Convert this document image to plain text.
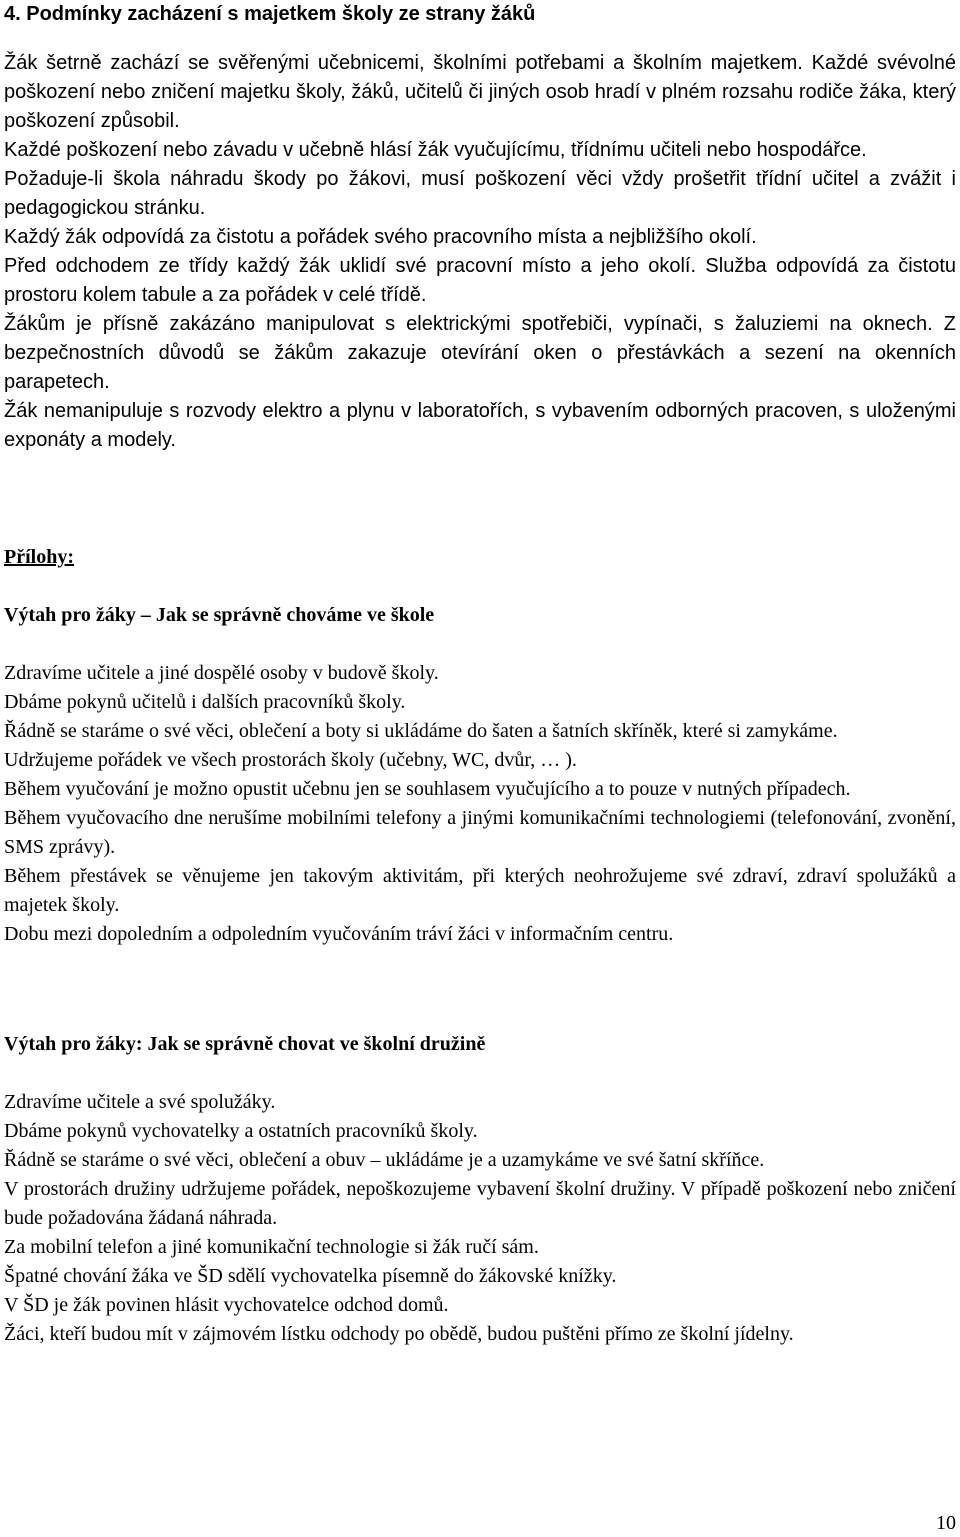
4. Podmínky zacházení s majetkem školy ze strany žáků

Žák šetrně zachází se svěřenými učebnicemi, školními potřebami a školním majetkem. Každé svévolné poškození nebo zničení majetku školy, žáků, učitelů či jiných osob hradí v plném rozsahu rodiče žáka, který poškození způsobil.

Každé poškození nebo závadu v učebně hlásí žák vyučujícímu, třídnímu učiteli nebo hospodářce.

Požaduje-li škola náhradu škody po žákovi, musí poškození věci vždy prošetřit třídní učitel a zvážit i pedagogickou stránku.

Každý žák odpovídá za čistotu a pořádek svého pracovního místa a nejbližšího okolí.

Před odchodem ze třídy každý žák uklidí své pracovní místo a jeho okolí. Služba odpovídá za čistotu prostoru kolem tabule a za pořádek v celé třídě.

Žákům je přísně zakázáno manipulovat s elektrickými spotřebiči, vypínači, s žaluziemi na oknech. Z bezpečnostních důvodů se žákům zakazuje otevírání oken o přestávkách a sezení na okenních parapetech.

Žák nemanipuluje s rozvody elektro a plynu v laboratořích, s vybavením odborných pracoven, s uloženými exponáty a modely.

Přílohy:

Výtah pro žáky – Jak se správně chováme ve škole

Zdravíme učitele a jiné dospělé osoby v budově školy.

Dbáme pokynů učitelů i dalších pracovníků školy.

Řádně se staráme o své věci, oblečení a boty si ukládáme do šaten a šatních skříněk, které si zamykáme.

Udržujeme pořádek ve všech prostorách školy (učebny, WC, dvůr, … ).

Během vyučování je možno opustit učebnu jen se souhlasem vyučujícího a to pouze v nutných případech.

Během vyučovacího dne nerušíme mobilními telefony a jinými komunikačními technologiemi (telefonování, zvonění, SMS zprávy).

Během přestávek se věnujeme jen takovým aktivitám, při kterých neohrožujeme své zdraví, zdraví spolužáků a majetek školy.

Dobu mezi dopoledním a odpoledním vyučováním tráví žáci v informačním centru.

Výtah pro žáky: Jak se správně chovat ve školní družině

Zdravíme učitele a své spolužáky.

Dbáme pokynů vychovatelky a ostatních pracovníků školy.

Řádně se staráme o své věci, oblečení a obuv – ukládáme je a uzamykáme ve své šatní skříňce.

V prostorách družiny udržujeme pořádek, nepoškozujeme vybavení školní družiny. V případě poškození nebo zničení bude požadována žádaná náhrada.

Za mobilní telefon a jiné komunikační technologie si žák ručí sám.

Špatné chování žáka ve ŠD sdělí vychovatelka písemně do žákovské knížky.

V ŠD je žák povinen hlásit vychovatelce odchod domů.

Žáci, kteří budou mít v zájmovém lístku odchody po obědě, budou puštěni přímo ze školní jídelny.

10
